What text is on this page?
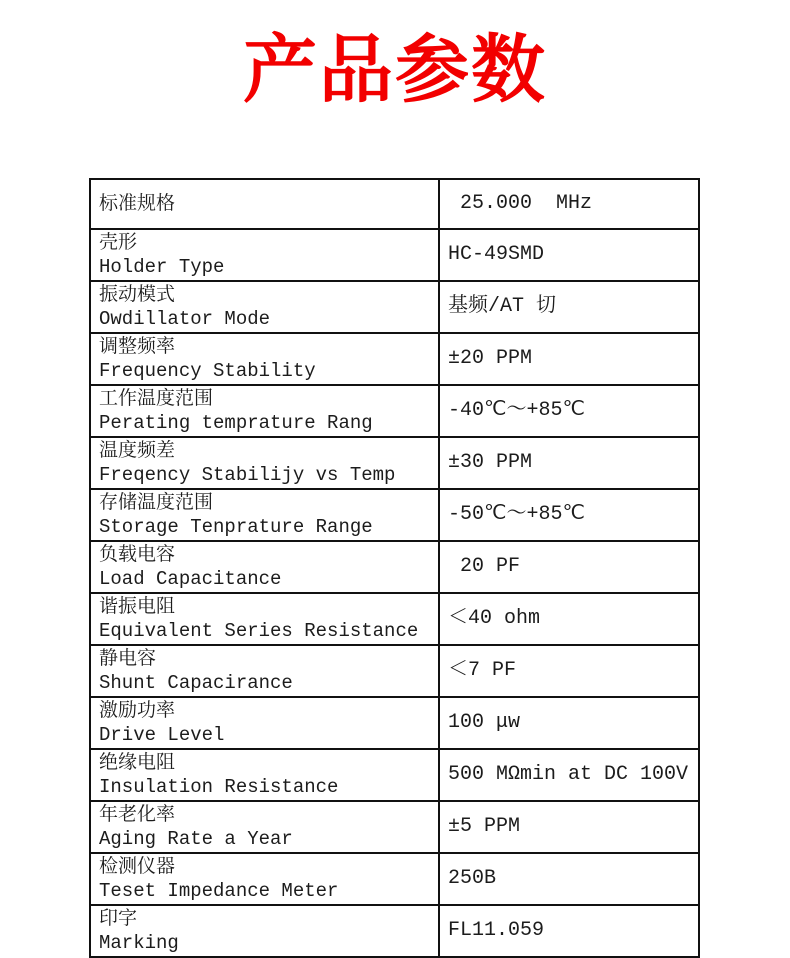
产品参数
标准规格	25.000  MHz

壳形
Holder Type	HC-49SMD

振动模式
Owdillator Mode	基频/AT 切

调整频率
Frequency Stability	±20 PPM

工作温度范围
Perating temprature Rang	-40℃～+85℃

温度频差
Freqency Stabilijy vs Temp	±30 PPM

存储温度范围
Storage Tenprature Range	-50℃～+85℃

负载电容
Load Capacitance	20 PF

谐振电阻
Equivalent Series Resistance	＜40 ohm

静电容
Shunt Capacirance	＜7 PF

激励功率
Drive Level	100 μw

绝缘电阻
Insulation Resistance	500 MΩmin at DC 100V

年老化率
Aging Rate a Year	±5 PPM

检测仪器
Teset Impedance Meter	250B

印字
Marking	FL11.059
